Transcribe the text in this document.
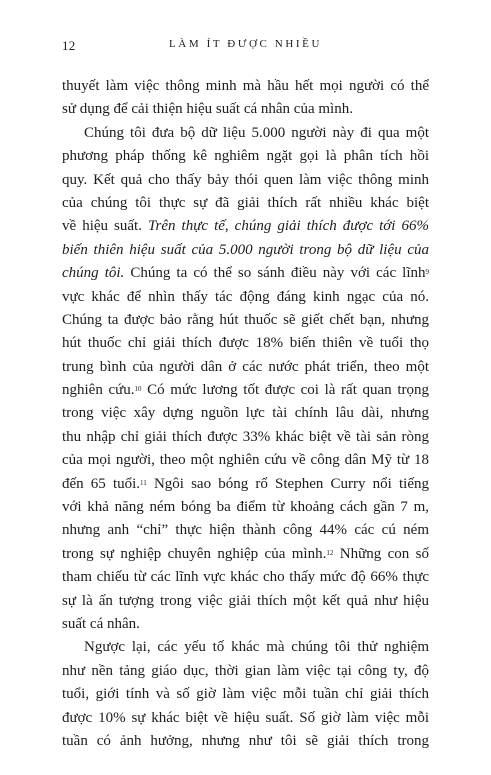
12	LÀM ÍT ĐƯỢC NHIỀU
thuyết làm việc thông minh mà hầu hết mọi người có thể
sử dụng để cải thiện hiệu suất cá nhân của mình.
Chúng tôi đưa bộ dữ liệu 5.000 người này đi qua một
phương pháp thống kê nghiêm ngặt gọi là phân tích hồi
quy. Kết quả cho thấy bảy thói quen làm việc thông minh
của chúng tôi thực sự đã giải thích rất nhiều khác biệt
về hiệu suất. Trên thực tế, chúng giải thích được tới 66%
biến thiên hiệu suất của 5.000 người trong bộ dữ liệu của
chúng tôi. Chúng ta có thể so sánh điều này với các lĩnh$^9$
vực khác để nhìn thấy tác động đáng kinh ngạc của nó.
Chúng ta được bảo rằng hút thuốc sẽ giết chết bạn, nhưng
hút thuốc chỉ giải thích được 18% biến thiên về tuổi thọ
trung bình của người dân ở các nước phát triển, theo một
nghiên cứu.$^{10}$ Có mức lương tốt được coi là rất quan trọng
trong việc xây dựng nguồn lực tài chính lâu dài, nhưng
thu nhập chỉ giải thích được 33% khác biệt về tài sản ròng
của mọi người, theo một nghiên cứu về công dân Mỹ từ 18
đến 65 tuổi.$^{11}$ Ngôi sao bóng rổ Stephen Curry nổi tiếng
với khả năng ném bóng ba điểm từ khoảng cách gần 7 m,
nhưng anh “chỉ” thực hiện thành công 44% các cú ném
trong sự nghiệp chuyên nghiệp của mình.$^{12}$ Những con số
tham chiếu từ các lĩnh vực khác cho thấy mức độ 66% thực
sự là ấn tượng trong việc giải thích một kết quả như hiệu
suất cá nhân.
Ngược lại, các yếu tố khác mà chúng tôi thử nghiệm
như nền tảng giáo dục, thời gian làm việc tại công ty, độ
tuổi, giới tính và số giờ làm việc mỗi tuần chỉ giải thích
được 10% sự khác biệt về hiệu suất. Số giờ làm việc mỗi
tuần có ảnh hưởng, nhưng như tôi sẽ giải thích trong
